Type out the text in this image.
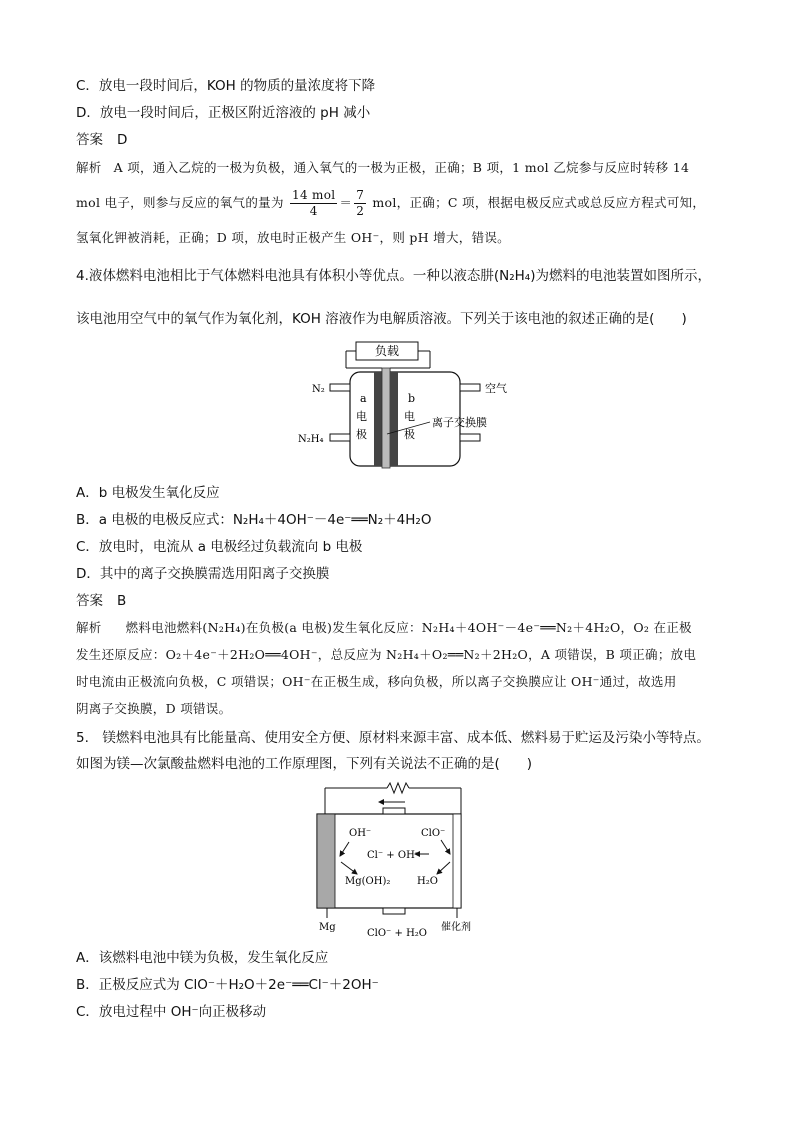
C．放电一段时间后，KOH 的物质的量浓度将下降
D．放电一段时间后，正极区附近溶液的 pH 减小
答案 D
解析 A 项，通入乙烷的一极为负极，通入氧气的一极为正极，正确；B 项，1 mol 乙烷参与反应时转移 14
mol 电子，则参与反应的氧气的量为 $\frac{\text{14 mol}}{4} = \frac{7}{2}$ mol，正确；C 项，根据电极反应式或总反应方程式可知，
氢氧化钾被消耗，正确；D 项，放电时正极产生 OH⁻，则 pH 增大，错误。
4.液体燃料电池相比于气体燃料电池具有体积小等优点。一种以液态肼(N₂H₄)为燃料的电池装置如图所示，
该电池用空气中的氧气作为氧化剂，KOH 溶液作为电解质溶液。下列关于该电池的叙述正确的是(　　)
负载
N₂
N₂H₄
空气
a
电
极
b
电
极
离子交换膜
A．b 电极发生氧化反应
B．a 电极的电极反应式：N₂H₄＋4OH⁻－4e⁻══N₂＋4H₂O
C．放电时，电流从 a 电极经过负载流向 b 电极
D．其中的离子交换膜需选用阳离子交换膜
答案 B
解析 燃料电池燃料(N₂H₄)在负极(a 电极)发生氧化反应：N₂H₄＋4OH⁻－4e⁻══N₂＋4H₂O，O₂ 在正极
发生还原反应：O₂＋4e⁻＋2H₂O══4OH⁻，总反应为 N₂H₄＋O₂══N₂＋2H₂O，A 项错误，B 项正确；放电
时电流由正极流向负极，C 项错误；OH⁻在正极生成，移向负极，所以离子交换膜应让 OH⁻通过，故选用
阴离子交换膜，D 项错误。
5.　镁燃料电池具有比能量高、使用安全方便、原材料来源丰富、成本低、燃料易于贮运及污染小等特点。
如图为镁—次氯酸盐燃料电池的工作原理图，下列有关说法不正确的是(　　)
OH⁻	ClO⁻
Cl⁻ + OH⁻
Mg(OH)₂	H₂O
Mg
ClO⁻ + H₂O
催化剂
A．该燃料电池中镁为负极，发生氧化反应
B．正极反应式为 ClO⁻＋H₂O＋2e⁻══Cl⁻＋2OH⁻
C．放电过程中 OH⁻向正极移动
